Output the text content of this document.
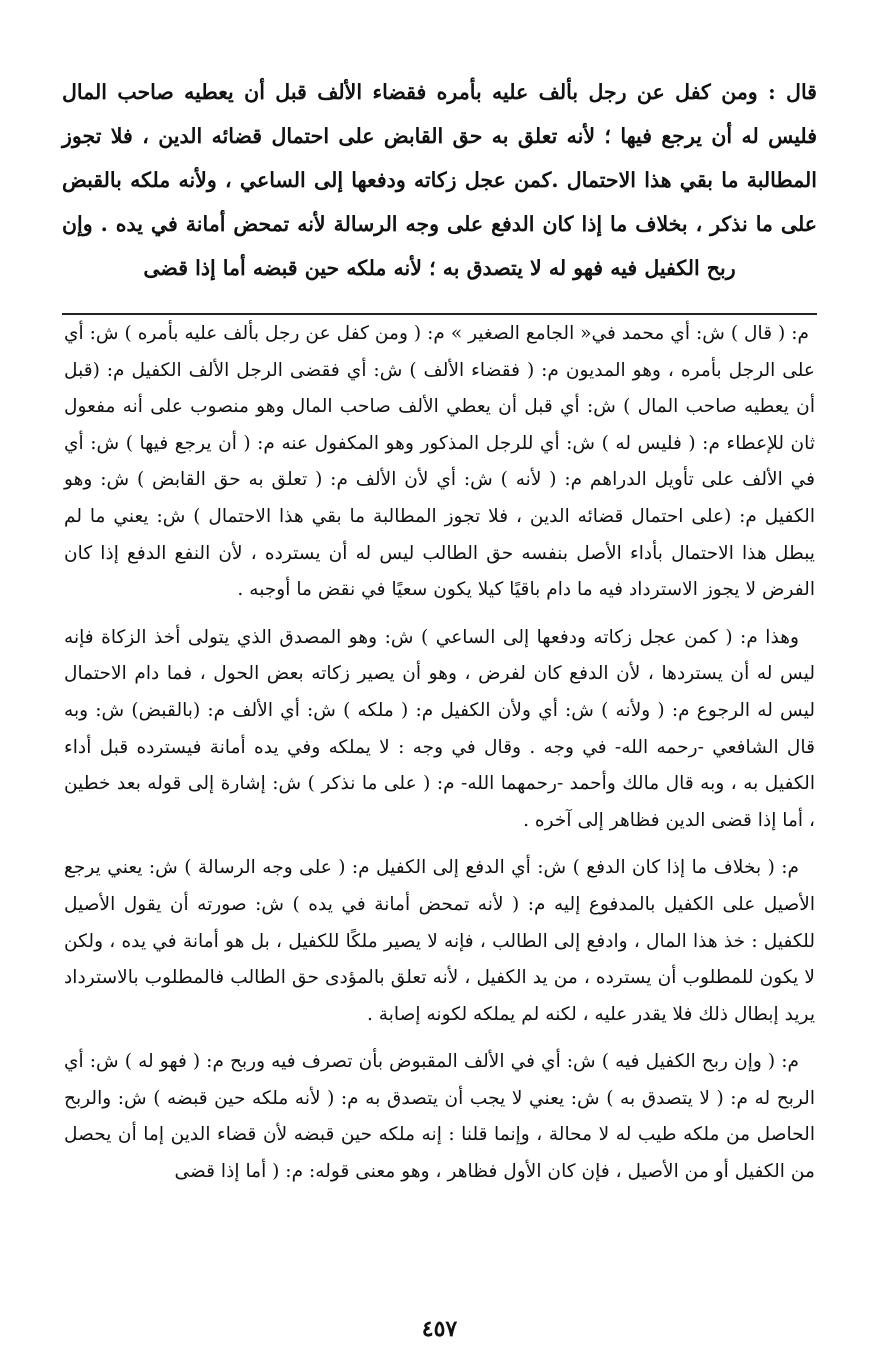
قال : ومن كفل عن رجل بألف عليه بأمره فقضاء الألف قبل أن يعطيه صاحب المال فليس له أن يرجع فيها ؛ لأنه تعلق به حق القابض على احتمال قضائه الدين ، فلا تجوز المطالبة ما بقي هذا الاحتمال .كمن عجل زكاته ودفعها إلى الساعي ، ولأنه ملكه بالقبض على ما نذكر ، بخلاف ما إذا كان الدفع على وجه الرسالة لأنه تمحض أمانة في يده . وإن ربح الكفيل فيه فهو له لا يتصدق به ؛ لأنه ملكه حين قبضه أما إذا قضى

م: ( قال ) ش: أي محمد في« الجامع الصغير » م: ( ومن كفل عن رجل بألف عليه بأمره ) ش: أي على الرجل بأمره ، وهو المديون م: ( فقضاء الألف ) ش: أي فقضى الرجل الألف الكفيل م: (قبل أن يعطيه صاحب المال ) ش: أي قبل أن يعطي الألف صاحب المال وهو منصوب على أنه مفعول ثان للإعطاء م: ( فليس له ) ش: أي للرجل المذكور وهو المكفول عنه م: ( أن يرجع فيها ) ش: أي في الألف على تأويل الدراهم م: ( لأنه ) ش: أي لأن الألف م: ( تعلق به حق القابض ) ش: وهو الكفيل م: (على احتمال قضائه الدين ، فلا تجوز المطالبة ما بقي هذا الاحتمال ) ش: يعني ما لم يبطل هذا الاحتمال بأداء الأصل بنفسه حق الطالب ليس له أن يسترده ، لأن النفع الدفع إذا كان الفرض لا يجوز الاسترداد فيه ما دام باقيًا كيلا يكون سعيًا في نقض ما أوجبه .

وهذا م: ( كمن عجل زكاته ودفعها إلى الساعي ) ش: وهو المصدق الذي يتولى أخذ الزكاة فإنه ليس له أن يستردها ، لأن الدفع كان لفرض ، وهو أن يصير زكاته بعض الحول ، فما دام الاحتمال ليس له الرجوع م: ( ولأنه ) ش: أي ولأن الكفيل م: ( ملكه ) ش: أي الألف م: (بالقبض) ش: وبه قال الشافعي -رحمه الله- في وجه . وقال في وجه : لا يملكه وفي يده أمانة فيسترده قبل أداء الكفيل به ، وبه قال مالك وأحمد -رحمهما الله- م: ( على ما نذكر ) ش: إشارة إلى قوله بعد خطين ، أما إذا قضى الدين فظاهر إلى آخره .

م: ( بخلاف ما إذا كان الدفع ) ش: أي الدفع إلى الكفيل م: ( على وجه الرسالة ) ش: يعني يرجع الأصيل على الكفيل بالمدفوع إليه م: ( لأنه تمحض أمانة في يده ) ش: صورته أن يقول الأصيل للكفيل : خذ هذا المال ، وادفع إلى الطالب ، فإنه لا يصير ملكًا للكفيل ، بل هو أمانة في يده ، ولكن لا يكون للمطلوب أن يسترده ، من يد الكفيل ، لأنه تعلق بالمؤدى حق الطالب فالمطلوب بالاسترداد يريد إبطال ذلك فلا يقدر عليه ، لكنه لم يملكه لكونه إصابة .

م: ( وإن ربح الكفيل فيه ) ش: أي في الألف المقبوض بأن تصرف فيه وربح م: ( فهو له ) ش: أي الربح له م: ( لا يتصدق به ) ش: يعني لا يجب أن يتصدق به م: ( لأنه ملكه حين قبضه ) ش: والربح الحاصل من ملكه طيب له لا محالة ، وإنما قلنا : إنه ملكه حين قبضه لأن قضاء الدين إما أن يحصل من الكفيل أو من الأصيل ، فإن كان الأول فظاهر ، وهو معنى قوله: م: ( أما إذا قضى

٤٥٧
